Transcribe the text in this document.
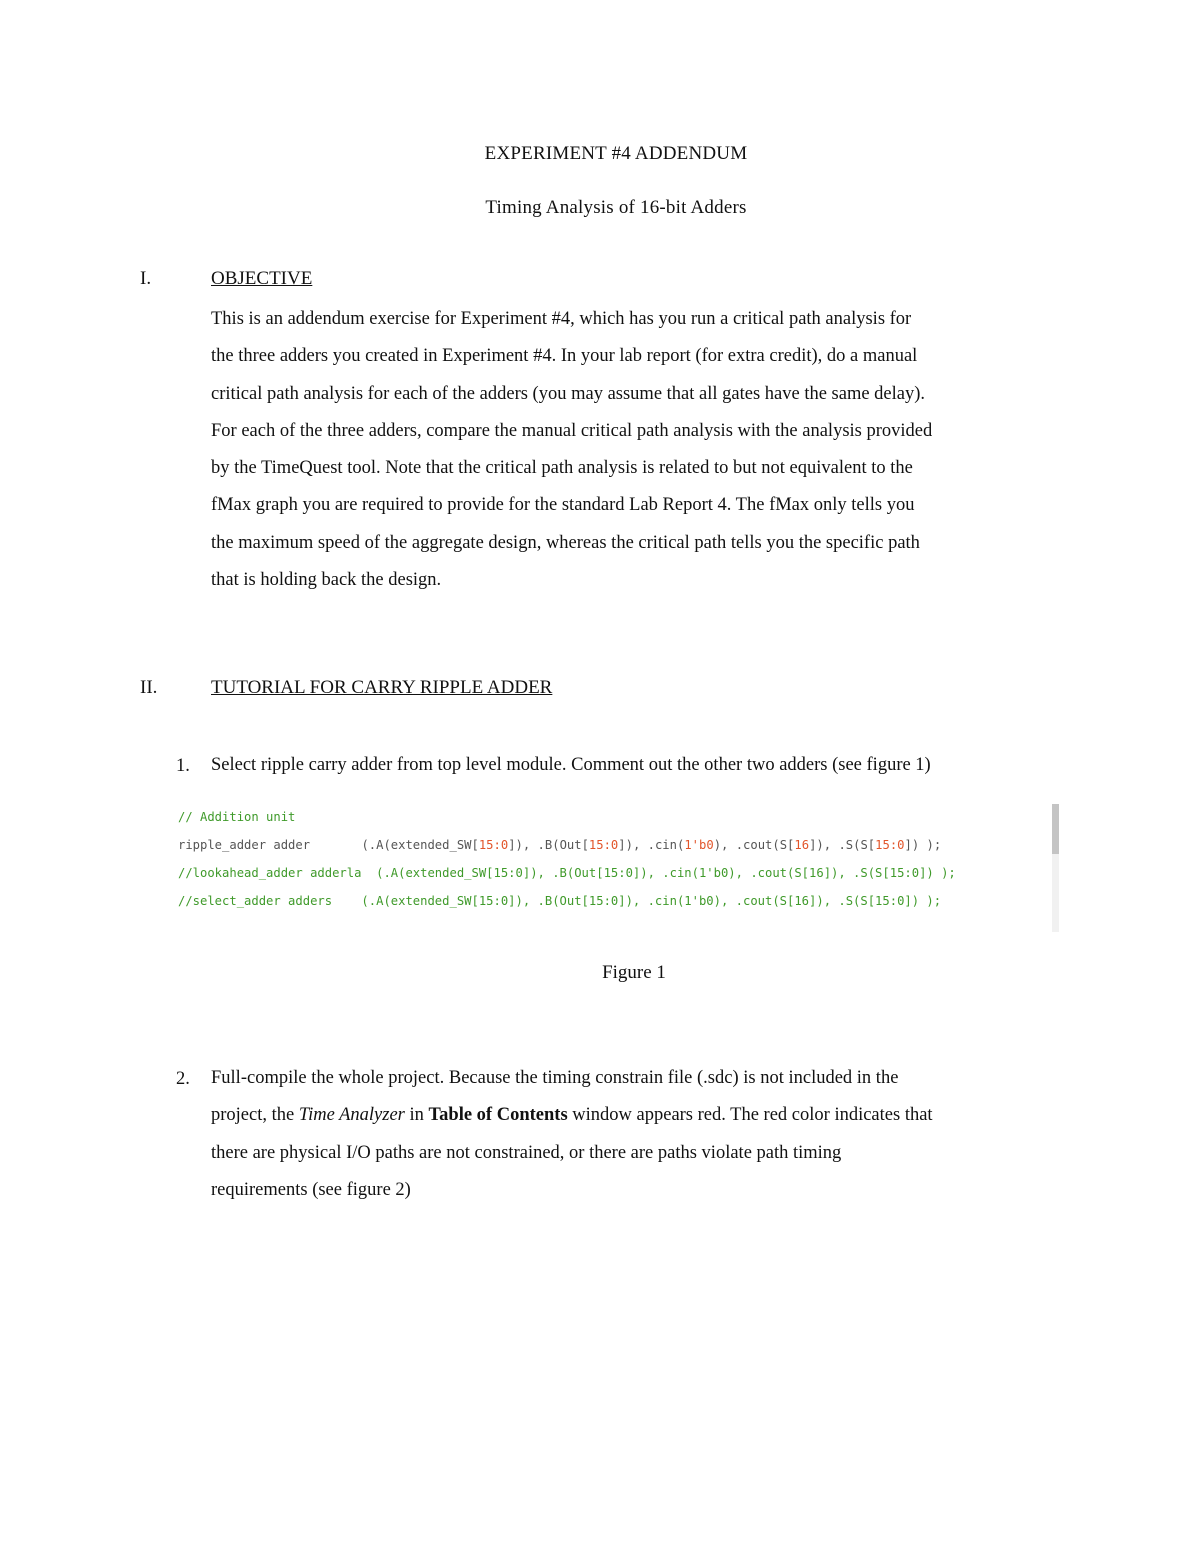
EXPERIMENT #4 ADDENDUM
Timing Analysis of 16-bit Adders
I.	OBJECTIVE
This is an addendum exercise for Experiment #4, which has you run a critical path analysis for
the three adders you created in Experiment #4. In your lab report (for extra credit), do a manual
critical path analysis for each of the adders (you may assume that all gates have the same delay).
For each of the three adders, compare the manual critical path analysis with the analysis provided
by the TimeQuest tool. Note that the critical path analysis is related to but not equivalent to the
fMax graph you are required to provide for the standard Lab Report 4. The fMax only tells you
the maximum speed of the aggregate design, whereas the critical path tells you the specific path
that is holding back the design.
II.	TUTORIAL FOR CARRY RIPPLE ADDER
1. Select ripple carry adder from top level module. Comment out the other two adders (see figure 1)
// Addition unit
ripple_adder adder       (.A(extended_SW[15:0]), .B(Out[15:0]), .cin(1'b0), .cout(S[16]), .S(S[15:0]) );
//lookahead_adder adderla  (.A(extended_SW[15:0]), .B(Out[15:0]), .cin(1'b0), .cout(S[16]), .S(S[15:0]) );
//select_adder adders    (.A(extended_SW[15:0]), .B(Out[15:0]), .cin(1'b0), .cout(S[16]), .S(S[15:0]) );
Figure 1
2. Full-compile the whole project. Because the timing constrain file (.sdc) is not included in the
project, the Time Analyzer in Table of Contents window appears red. The red color indicates that
there are physical I/O paths are not constrained, or there are paths violate path timing
requirements (see figure 2)
